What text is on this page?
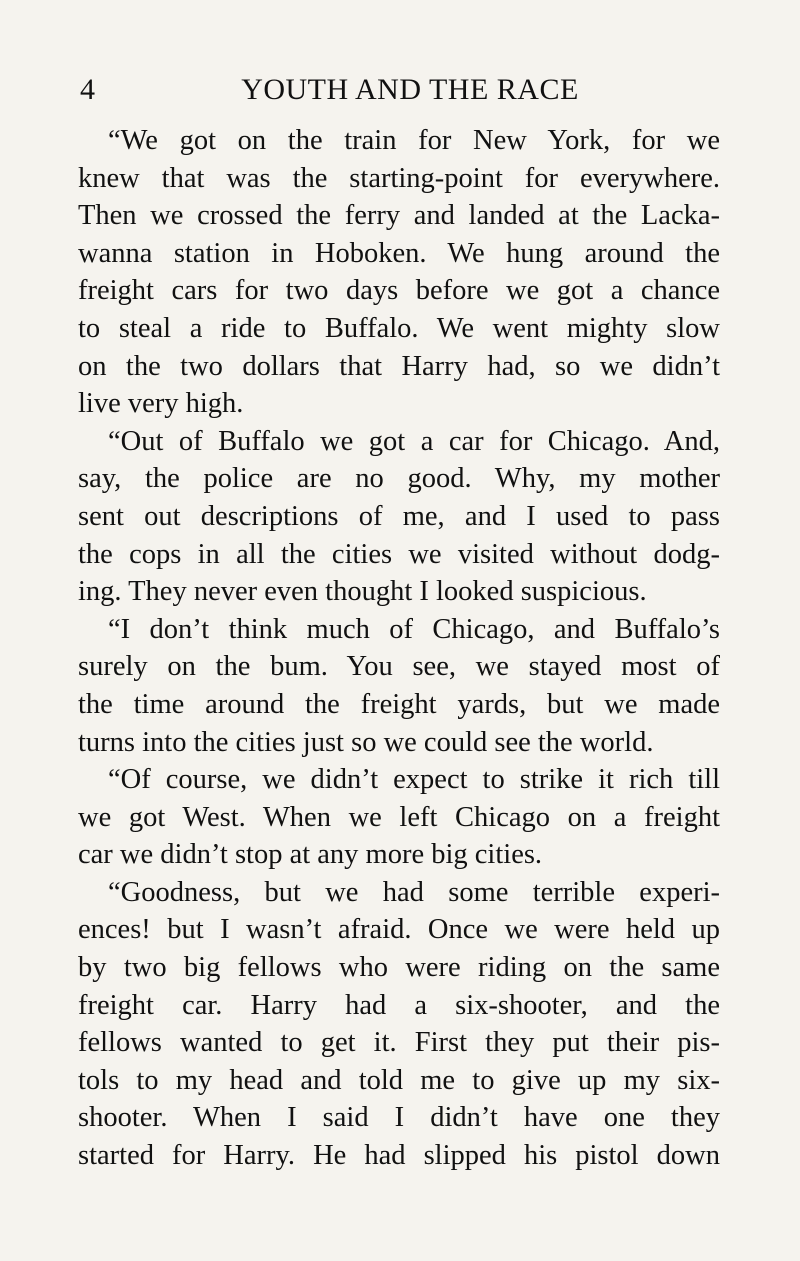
4	YOUTH AND THE RACE
“We got on the train for New York, for we
knew that was the starting-point for everywhere.
Then we crossed the ferry and landed at the Lacka-
wanna station in Hoboken. We hung around the
freight cars for two days before we got a chance
to steal a ride to Buffalo. We went mighty slow
on the two dollars that Harry had, so we didn’t
live very high.
“Out of Buffalo we got a car for Chicago. And,
say, the police are no good. Why, my mother
sent out descriptions of me, and I used to pass
the cops in all the cities we visited without dodg-
ing. They never even thought I looked suspicious.
“I don’t think much of Chicago, and Buffalo’s
surely on the bum. You see, we stayed most of
the time around the freight yards, but we made
turns into the cities just so we could see the world.
“Of course, we didn’t expect to strike it rich till
we got West. When we left Chicago on a freight
car we didn’t stop at any more big cities.
“Goodness, but we had some terrible experi-
ences! but I wasn’t afraid. Once we were held up
by two big fellows who were riding on the same
freight car. Harry had a six-shooter, and the
fellows wanted to get it. First they put their pis-
tols to my head and told me to give up my six-
shooter. When I said I didn’t have one they
started for Harry. He had slipped his pistol down
